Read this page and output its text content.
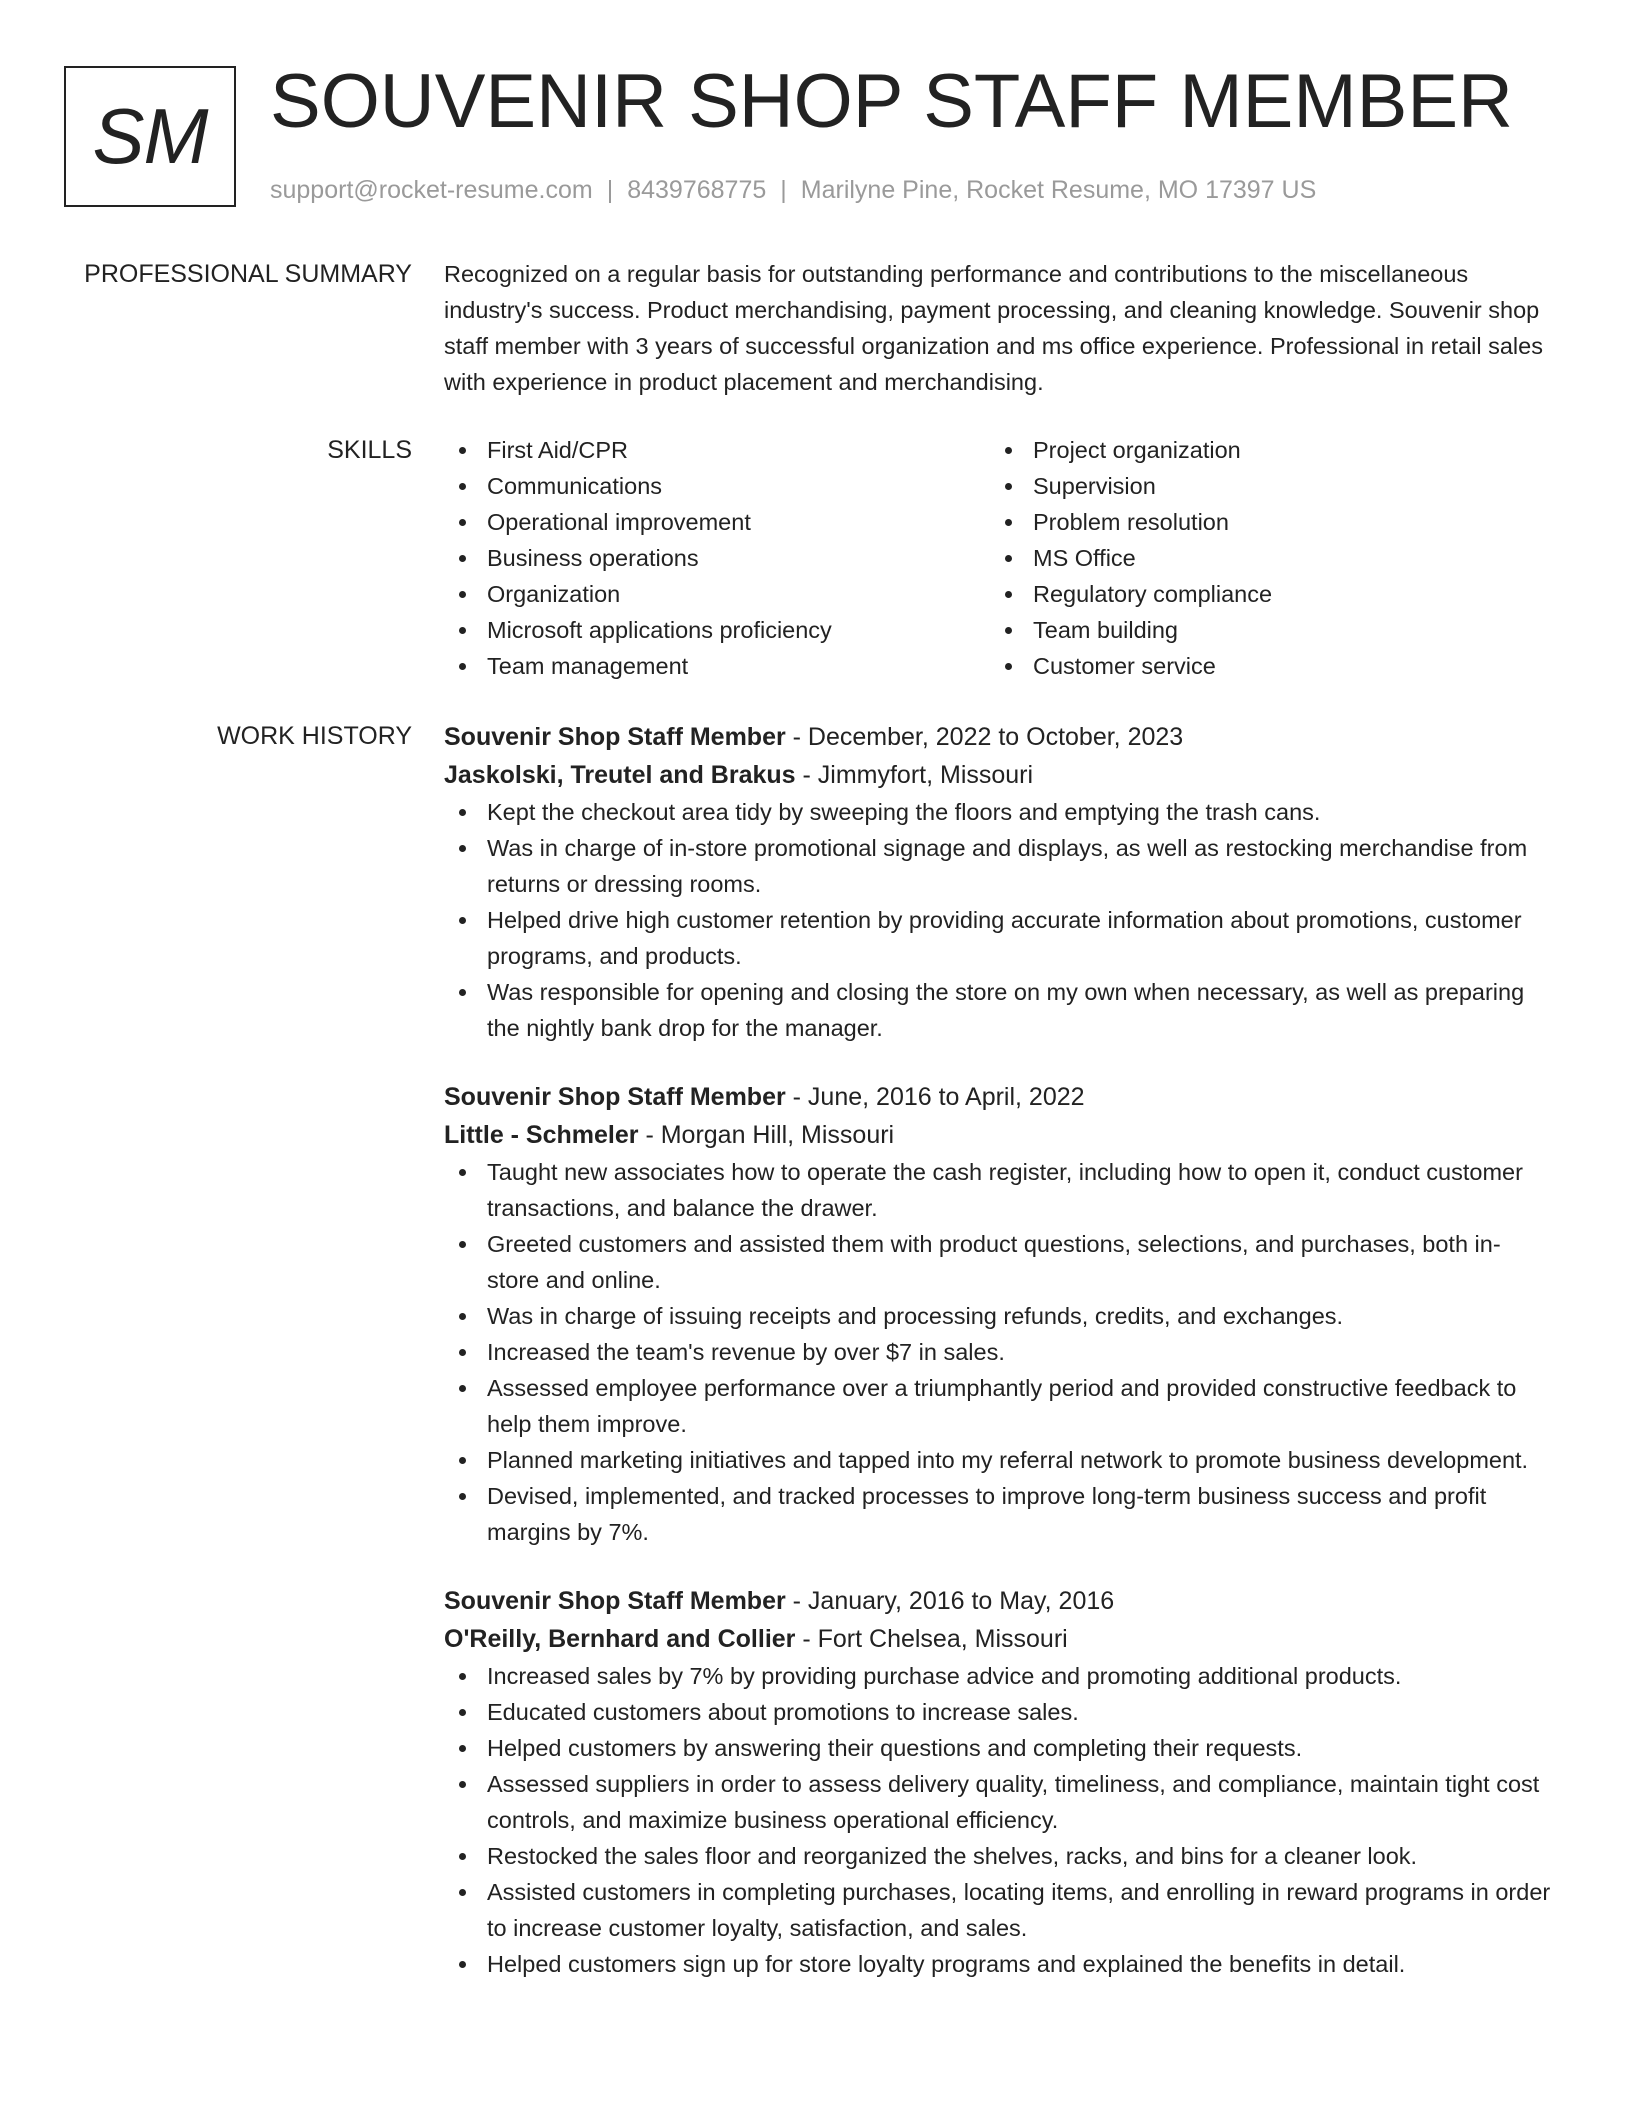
SM SOUVENIR SHOP STAFF MEMBER
support@rocket-resume.com | 8439768775 | Marilyne Pine, Rocket Resume, MO 17397 US
PROFESSIONAL SUMMARY Recognized on a regular basis for outstanding performance and contributions to the miscellaneous industry's success. Product merchandising, payment processing, and cleaning knowledge. Souvenir shop staff member with 3 years of successful organization and ms office experience. Professional in retail sales with experience in product placement and merchandising.

SKILLS	First Aid/CPR
Communications
Operational improvement
Business operations
Organization
Microsoft applications proficiency
Team management
Project organization
Supervision
Problem resolution
MS Office
Regulatory compliance
Team building
Customer service
WORK HISTORY Souvenir Shop Staff Member - December, 2022 to October, 2023
Jaskolski, Treutel and Brakus - Jimmyfort, Missouri
Kept the checkout area tidy by sweeping the floors and emptying the trash cans.
Was in charge of in-store promotional signage and displays, as well as restocking merchandise from returns or dressing rooms.
Helped drive high customer retention by providing accurate information about promotions, customer programs, and products.
Was responsible for opening and closing the store on my own when necessary, as well as preparing the nightly bank drop for the manager.
Souvenir Shop Staff Member - June, 2016 to April, 2022
Little - Schmeler - Morgan Hill, Missouri
Taught new associates how to operate the cash register, including how to open it, conduct customer transactions, and balance the drawer.
Greeted customers and assisted them with product questions, selections, and purchases, both in-store and online.
Was in charge of issuing receipts and processing refunds, credits, and exchanges.
Increased the team's revenue by over $7 in sales.
Assessed employee performance over a triumphantly period and provided constructive feedback to help them improve.
Planned marketing initiatives and tapped into my referral network to promote business development.
Devised, implemented, and tracked processes to improve long-term business success and profit margins by 7%.
Souvenir Shop Staff Member - January, 2016 to May, 2016
O'Reilly, Bernhard and Collier - Fort Chelsea, Missouri
Increased sales by 7% by providing purchase advice and promoting additional products.
Educated customers about promotions to increase sales.
Helped customers by answering their questions and completing their requests.
Assessed suppliers in order to assess delivery quality, timeliness, and compliance, maintain tight cost controls, and maximize business operational efficiency.
Restocked the sales floor and reorganized the shelves, racks, and bins for a cleaner look.
Assisted customers in completing purchases, locating items, and enrolling in reward programs in order to increase customer loyalty, satisfaction, and sales.
Helped customers sign up for store loyalty programs and explained the benefits in detail.
